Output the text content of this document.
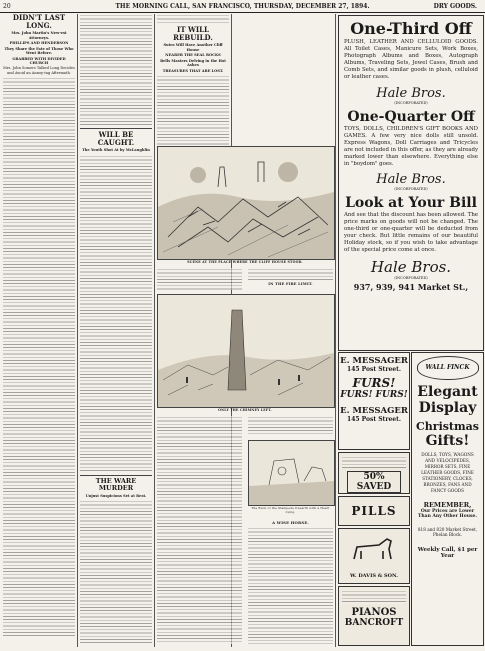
20	THE MORNING CALL, SAN FRANCISCO, THURSDAY, DECEMBER 27, 1894.	DRY GOODS.
DIDN'T LAST LONG.
Mrs. John Martin's New-est Attorneys.
PHILLIPS AND HENDERSON
They Share the Fate of Those Who Went Before.
GRABBED WITH DIVIDED CHURCH
Mrs. John Somers Talked Long Decides and Avoid an Annoy-ing Aftermath.
WILL BE CAUGHT.
The Youth Shot At by McLaughlin
THE WARE MURDER
Unjust Suspicions Set at Rest.
IT WILL REBUILD.
Sutro Will Have Another Cliff House
NEARER THE SEAL ROCKS
Bells Masters Delving in the Hot Ashes
TREASURES THAT ARE LOST.
SCENE AT THE PLACE WHERE THE CLIFF HOUSE STOOD.
IN THE FIRE LIMIT.
ONLY THE CHIMNEY LEFT.
The Relic of the Stampede Unearth with a Heart Lying.
A WISE HORSE.
One-Third Off
PLUSH, LEATHER AND CELLULOID GOODS. All Toilet Cases, Manicure Sets, Work Boxes, Photograph Albums and Boxes, Autograph Albums, Traveling Sets, Jewel Cases, Brush and Comb Sets, and similar goods in plush, celluloid or leather cases.
Hale Bros.
(INCORPORATED)
One-Quarter Off
TOYS, DOLLS, CHILDREN'S GIFT BOOKS AND GAMES. A few very nice dolls still unsold. Express Wagons, Doll Carriages and Tricycles are not included in this offer, as they are already marked lower than elsewhere. Everything else in "boydom" goes.
Hale Bros.
(INCORPORATED)
Look at Your Bill
And see that the discount has been allowed. The price marks on goods will not be changed. The one-third or one-quarter will be deducted from your check. But little remains of our beautiful Holiday stock, so if you wish to take advantage of the special price come at once.
Hale Bros.
(INCORPORATED)
937, 939, 941 Market St.,
E. MESSAGER
145 Post Street.
FURS!
FURS! FURS!
E. MESSAGER
145 Post Street.
50% SAVED
PILLS
W. DAVIS & SON.
PIANOS
BANCROFT
WALL FINCK
Elegant
Display
Christmas
Gifts!
DOLLS, TOYS, WAGONS AND VELOCIPEDES, MIRROR SETS, FINE LEATHER GOODS, FINE STATIONERY, CLOCKS, BRONZES, FANS AND FANCY GOODS
REMEMBER,
Our Prices are Lower Than Any Other House.
818 and 820 Market Street, Phelan Block.
Weekly Call, $1 per Year
